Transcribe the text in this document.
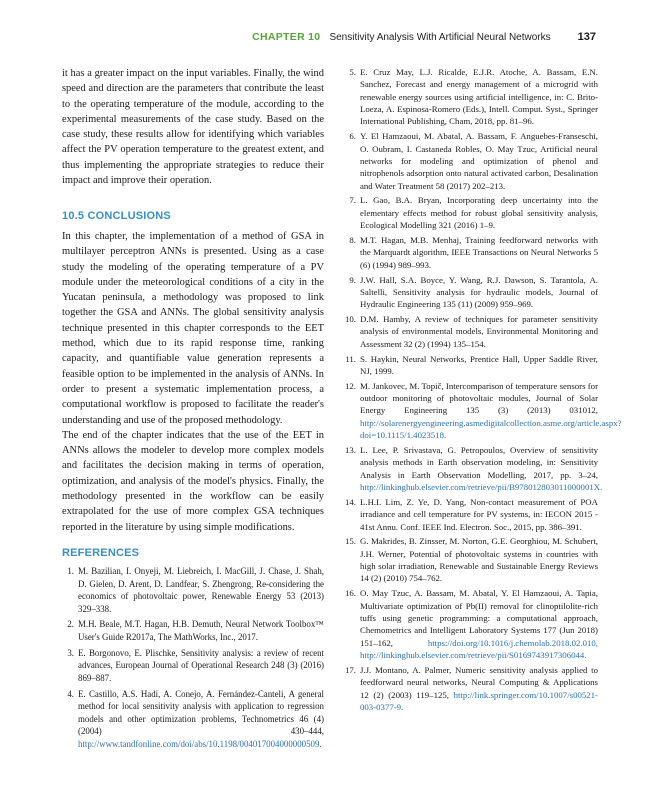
CHAPTER 10 Sensitivity Analysis With Artificial Neural Networks 137

it has a greater impact on the input variables. Finally, the wind speed and direction are the parameters that contribute the least to the operating temperature of the module, according to the experimental measurements of the case study. Based on the case study, these results allow for identifying which variables affect the PV operation temperature to the greatest extent, and thus implementing the appropriate strategies to reduce their impact and improve their operation.

10.5 CONCLUSIONS

In this chapter, the implementation of a method of GSA in multilayer perceptron ANNs is presented. Using as a case study the modeling of the operating temperature of a PV module under the meteorological conditions of a city in the Yucatan peninsula, a methodology was proposed to link together the GSA and ANNs. The global sensitivity analysis technique presented in this chapter corresponds to the EET method, which due to its rapid response time, ranking capacity, and quantifiable value generation represents a feasible option to be implemented in the analysis of ANNs. In order to present a systematic implementation process, a computational workflow is proposed to facilitate the reader's understanding and use of the proposed methodology.

The end of the chapter indicates that the use of the EET in ANNs allows the modeler to develop more complex models and facilitates the decision making in terms of operation, optimization, and analysis of the model's physics. Finally, the methodology presented in the workflow can be easily extrapolated for the use of more complex GSA techniques reported in the literature by using simple modifications.

REFERENCES
1. M. Bazilian, I. Onyeji, M. Liebreich, I. MacGill, J. Chase, J. Shah, D. Gielen, D. Arent, D. Landfear, S. Zhengrong, Re-considering the economics of photovoltaic power, Renewable Energy 53 (2013) 329–338.
2. M.H. Beale, M.T. Hagan, H.B. Demuth, Neural Network Toolbox™ User's Guide R2017a, The MathWorks, Inc., 2017.
3. E. Borgonovo, E. Plischke, Sensitivity analysis: a review of recent advances, European Journal of Operational Research 248 (3) (2016) 869–887.
4. E. Castillo, A.S. Hadi, A. Conejo, A. Fernández-Canteli, A general method for local sensitivity analysis with application to regression models and other optimization problems, Technometrics 46 (4) (2004) 430–444, http://www.tandfonline.com/doi/abs/10.1198/004017004000000509.
5. E. Cruz May, L.J. Ricalde, E.J.R. Atoche, A. Bassam, E.N. Sanchez, Forecast and energy management of a microgrid with renewable energy sources using artificial intelligence, in: C. Brito-Loeza, A. Espinosa-Romero (Eds.), Intell. Comput. Syst., Springer International Publishing, Cham, 2018, pp. 81–96.
6. Y. El Hamzaoui, M. Abatal, A. Bassam, F. Anguebes-Franseschi, O. Oubram, I. Castaneda Robles, O. May Tzuc, Artificial neural networks for modeling and optimization of phenol and nitrophenols adsorption onto natural activated carbon, Desalination and Water Treatment 58 (2017) 202–213.
7. L. Gao, B.A. Bryan, Incorporating deep uncertainty into the elementary effects method for robust global sensitivity analysis, Ecological Modelling 321 (2016) 1–9.
8. M.T. Hagan, M.B. Menhaj, Training feedforward networks with the Marquardt algorithm, IEEE Transactions on Neural Networks 5 (6) (1994) 989–993.
9. J.W. Hall, S.A. Boyce, Y. Wang, R.J. Dawson, S. Tarantola, A. Saltelli, Sensitivity analysis for hydraulic models, Journal of Hydraulic Engineering 135 (11) (2009) 959–969.
10. D.M. Hamby, A review of techniques for parameter sensitivity analysis of environmental models, Environmental Monitoring and Assessment 32 (2) (1994) 135–154.
11. S. Haykin, Neural Networks, Prentice Hall, Upper Saddle River, NJ, 1999.
12. M. Jankovec, M. Topič, Intercomparison of temperature sensors for outdoor monitoring of photovoltaic modules, Journal of Solar Energy Engineering 135 (3) (2013) 031012, http://solarenergyengineering.asmedigitalcollection.asme.org/article.aspx?doi=10.1115/1.4023518.
13. L. Lee, P. Srivastava, G. Petropoulos, Overview of sensitivity analysis methods in Earth observation modeling, in: Sensitivity Analysis in Earth Observation Modelling, 2017, pp. 3–24, http://linkinghub.elsevier.com/retrieve/pii/B978012803011000001X.
14. L.H.I. Lim, Z. Ye, D. Yang, Non-contact measurement of POA irradiance and cell temperature for PV systems, in: IECON 2015 - 41st Annu. Conf. IEEE Ind. Electron. Soc., 2015, pp. 386–391.
15. G. Makrides, B. Zinsser, M. Norton, G.E. Georghiou, M. Schubert, J.H. Werner, Potential of photovoltaic systems in countries with high solar irradiation, Renewable and Sustainable Energy Reviews 14 (2) (2010) 754–762.
16. O. May Tzuc, A. Bassam, M. Abatal, Y. El Hamzaoui, A. Tapia, Multivariate optimization of Pb(II) removal for clinoptilolite-rich tuffs using genetic programming: a computational approach, Chemometrics and Intelligent Laboratory Systems 177 (Jun 2018) 151–162, https://doi.org/10.1016/j.chemolab.2018.02.010, http://linkinghub.elsevier.com/retrieve/pii/S0169743917306044.
17. J.J. Montano, A. Palmer, Numeric sensitivity analysis applied to feedforward neural networks, Neural Computing & Applications 12 (2) (2003) 119–125, http://link.springer.com/10.1007/s00521-003-0377-9.
